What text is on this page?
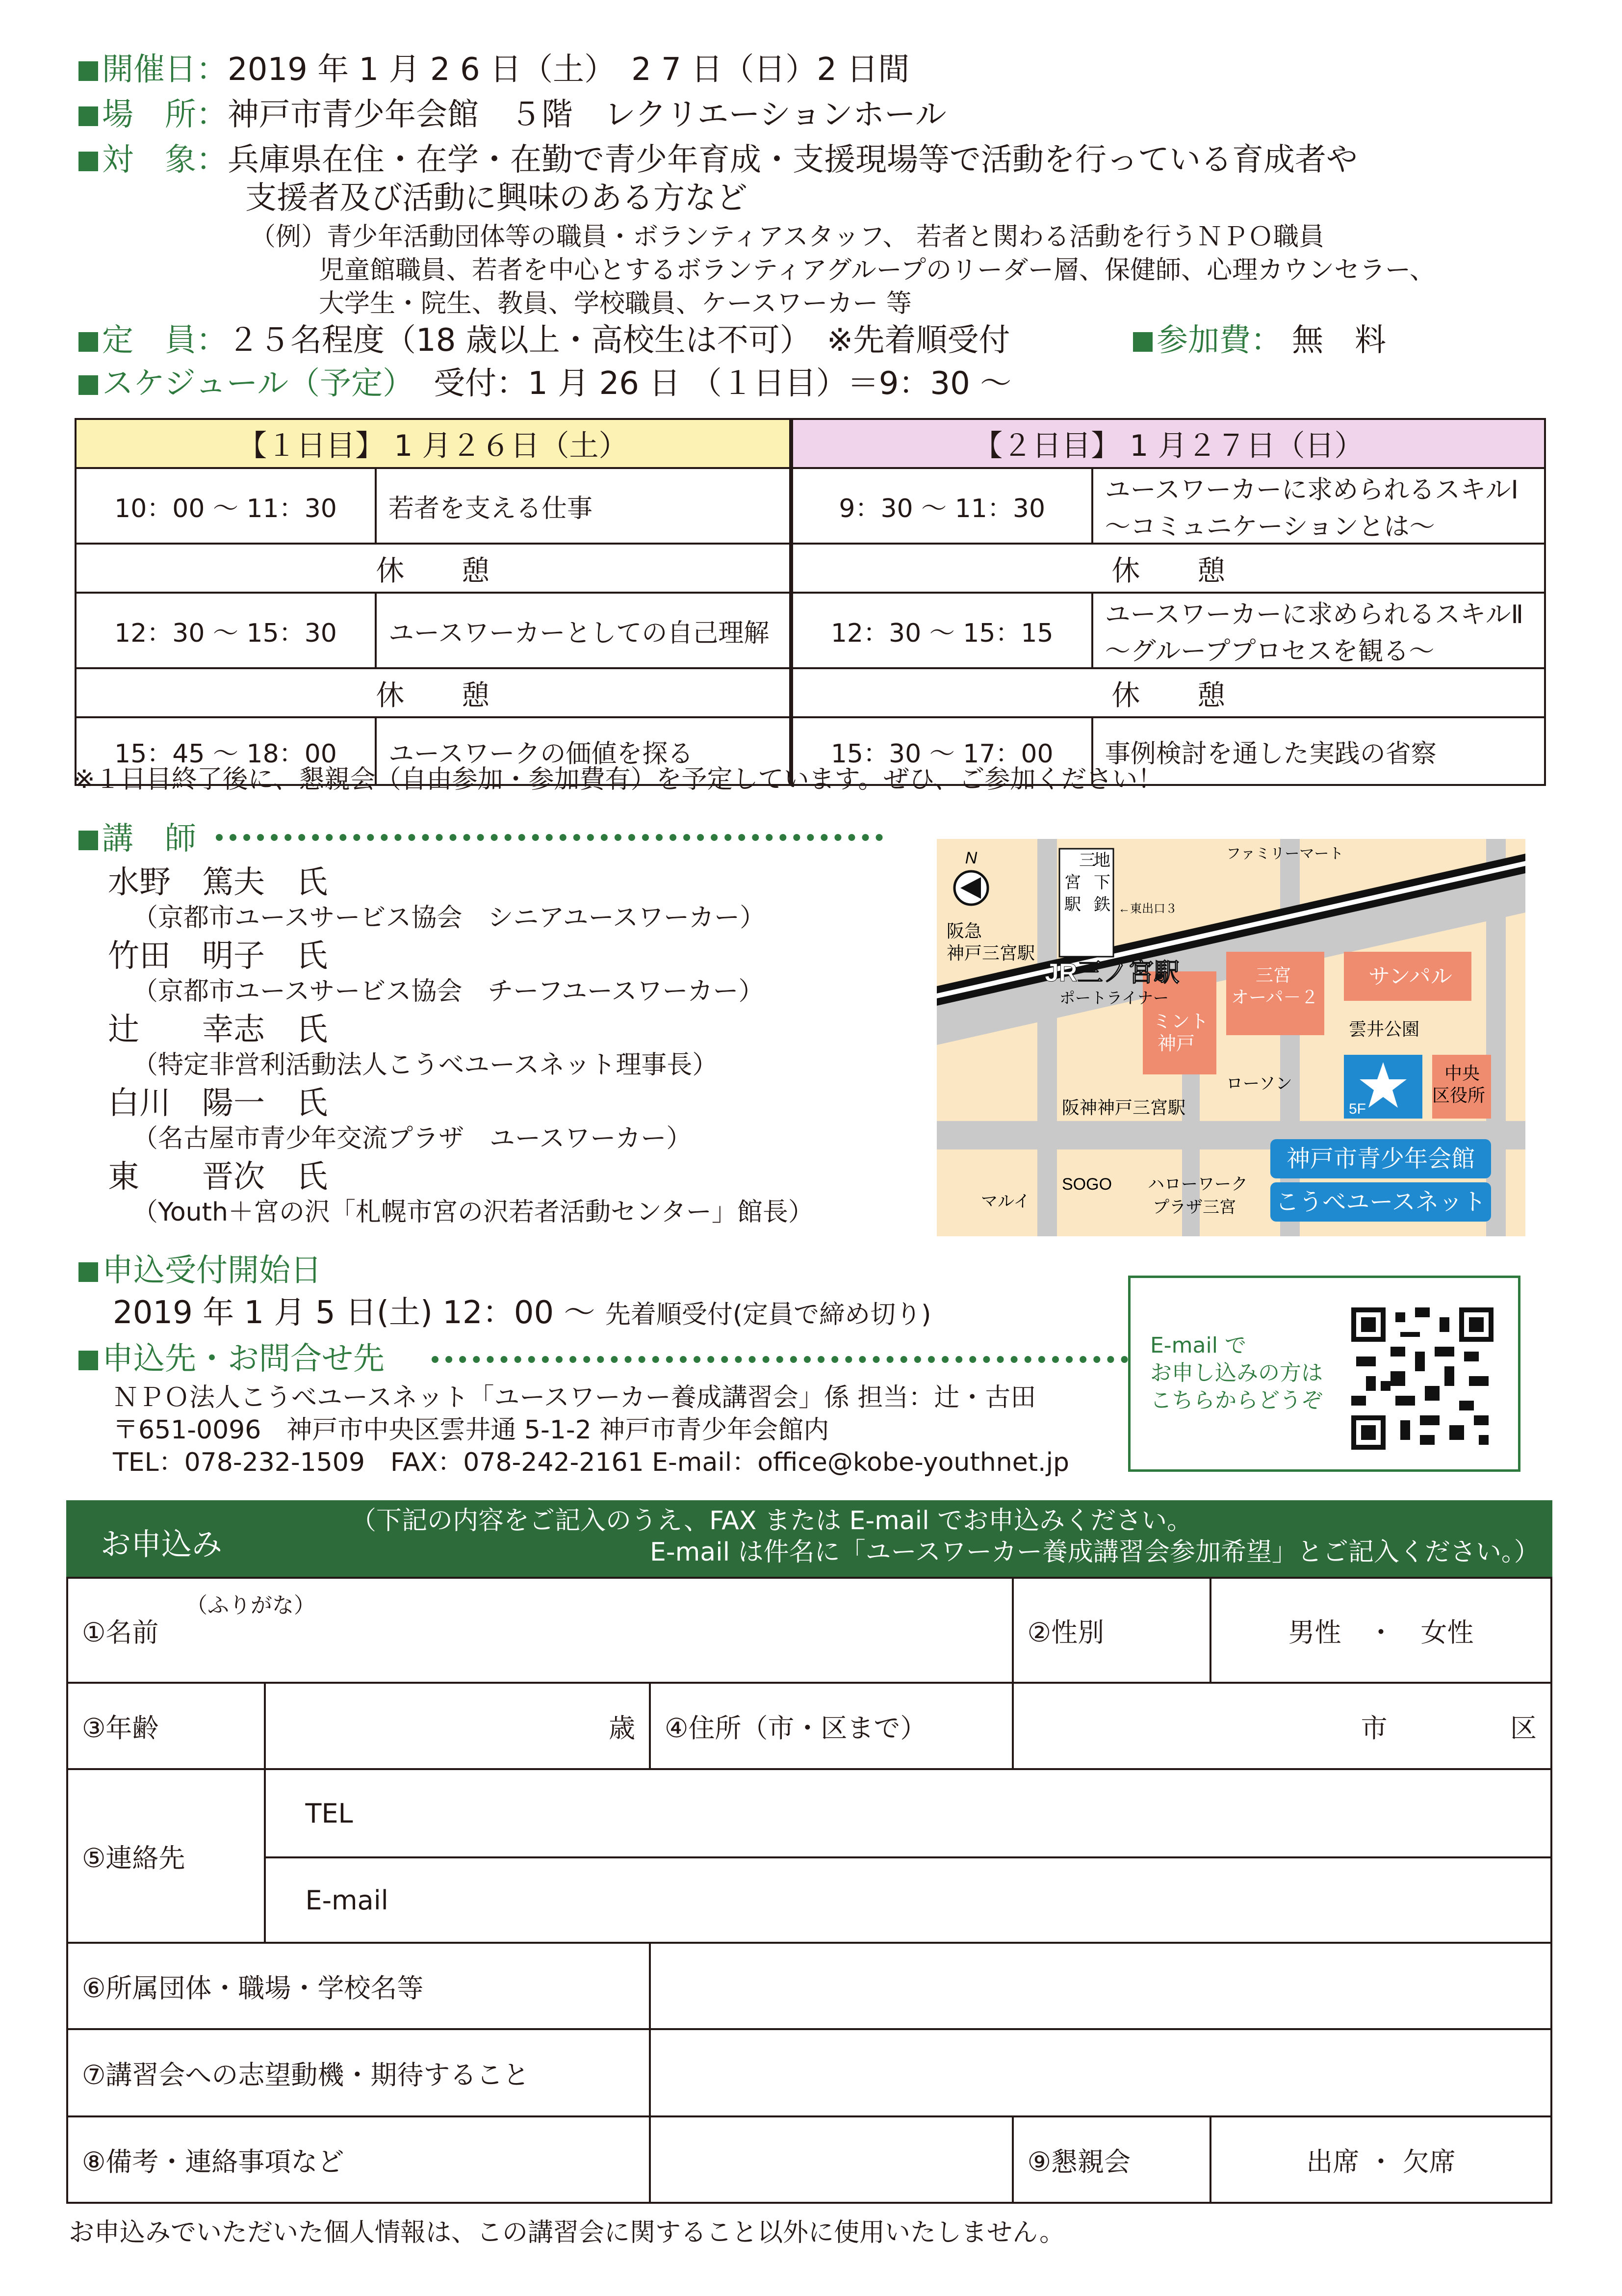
開催日：2019 年 1 月 2 6 日（土）　2 7 日（日）2 日間
場　所：神戸市青少年会館　５階　レクリエーションホール
対　象：兵庫県在住・在学・在勤で青少年育成・支援現場等で活動を行っている育成者や
支援者及び活動に興味のある方など
（例）青少年活動団体等の職員・ボランティアスタッフ、 若者と関わる活動を行うＮＰＯ職員
児童館職員、若者を中心とするボランティアグループのリーダー層、保健師、心理カウンセラー、
大学生・院生、教員、学校職員、ケースワーカー 等
定　員：２５名程度（18 歳以上・高校生は不可）　※先着順受付	参加費： 無　料
スケジュール（予定） 受付：1 月 26 日 （１日目）＝9：30 ～
【１日目】 1 月２６日（土）		【２日目】 1 月２７日（日）	
10：00 ～ 11：30	若者を支える仕事	9：30 ～ 11：30	ユースワーカーに求められるスキルⅠ
～コミュニケーションとは～

休　　憩		休　　憩	
12：30 ～ 15：30	ユースワーカーとしての自己理解	12：30 ～ 15：15	ユースワーカーに求められるスキルⅡ
～グループプロセスを観る～

休　　憩		休　　憩	
15：45 ～ 18：00	ユースワークの価値を探る	15：30 ～ 17：00	事例検討を通した実践の省察
※１日目終了後に、懇親会（自由参加・参加費有）を予定しています。ぜひ、ご参加ください！
講　師
水野　篤夫　氏
（京都市ユースサービス協会　シニアユースワーカー）
竹田　明子　氏
（京都市ユースサービス協会　チーフユースワーカー）
辻　　幸志　氏
（特定非営利活動法人こうべユースネット理事長）
白川　陽一　氏
（名古屋市青少年交流プラザ　ユースワーカー）
東　　晋次　氏
（Youth＋宮の沢「札幌市宮の沢若者活動センター」館長）
N
阪急
神戸三宮駅
三
地
宮 下
駅 鉄 ←東出口３
ファミリーマート
JR三ノ宮駅
ポートライナー
ミント
神戸
三宮
オーパ－２
サンパル
雲井公園
中央
区役所
ローソン
阪神神戸三宮駅	5F
マルイ
SOGO ハローワーク
プラザ三宮
神戸市青少年会館
こうべユースネット
申込受付開始日
2019 年 1 月 5 日(土) 12：00 ～ 先着順受付(定員で締め切り)
申込先・お問合せ先
ＮＰＯ法人こうべユースネット「ユースワーカー養成講習会」係 担当：辻・古田
〒651-0096　神戸市中央区雲井通 5-1-2 神戸市青少年会館内
TEL：078-232-1509　FAX：078-242-2161 E-mail：office@kobe-youthnet.jp
E-mail で
お申し込みの方は
こちらからどうぞ
お申込み
（下記の内容をご記入のうえ、FAX または E-mail でお申込みください。
E-mail は件名に「ユースワーカー養成講習会参加希望」とご記入ください。）
（ふりがな）
①名前			②性別	男性　・　女性
③年齢	歳	④住所（市・区まで）	市 区	

⑤連絡先	TEL			
	E-mail			
⑥所属団体・職場・学校名等				
⑦講習会への志望動機・期待すること				
⑧備考・連絡事項など			⑨懇親会	出席 ・ 欠席
お申込みでいただいた個人情報は、この講習会に関すること以外に使用いたしません。
